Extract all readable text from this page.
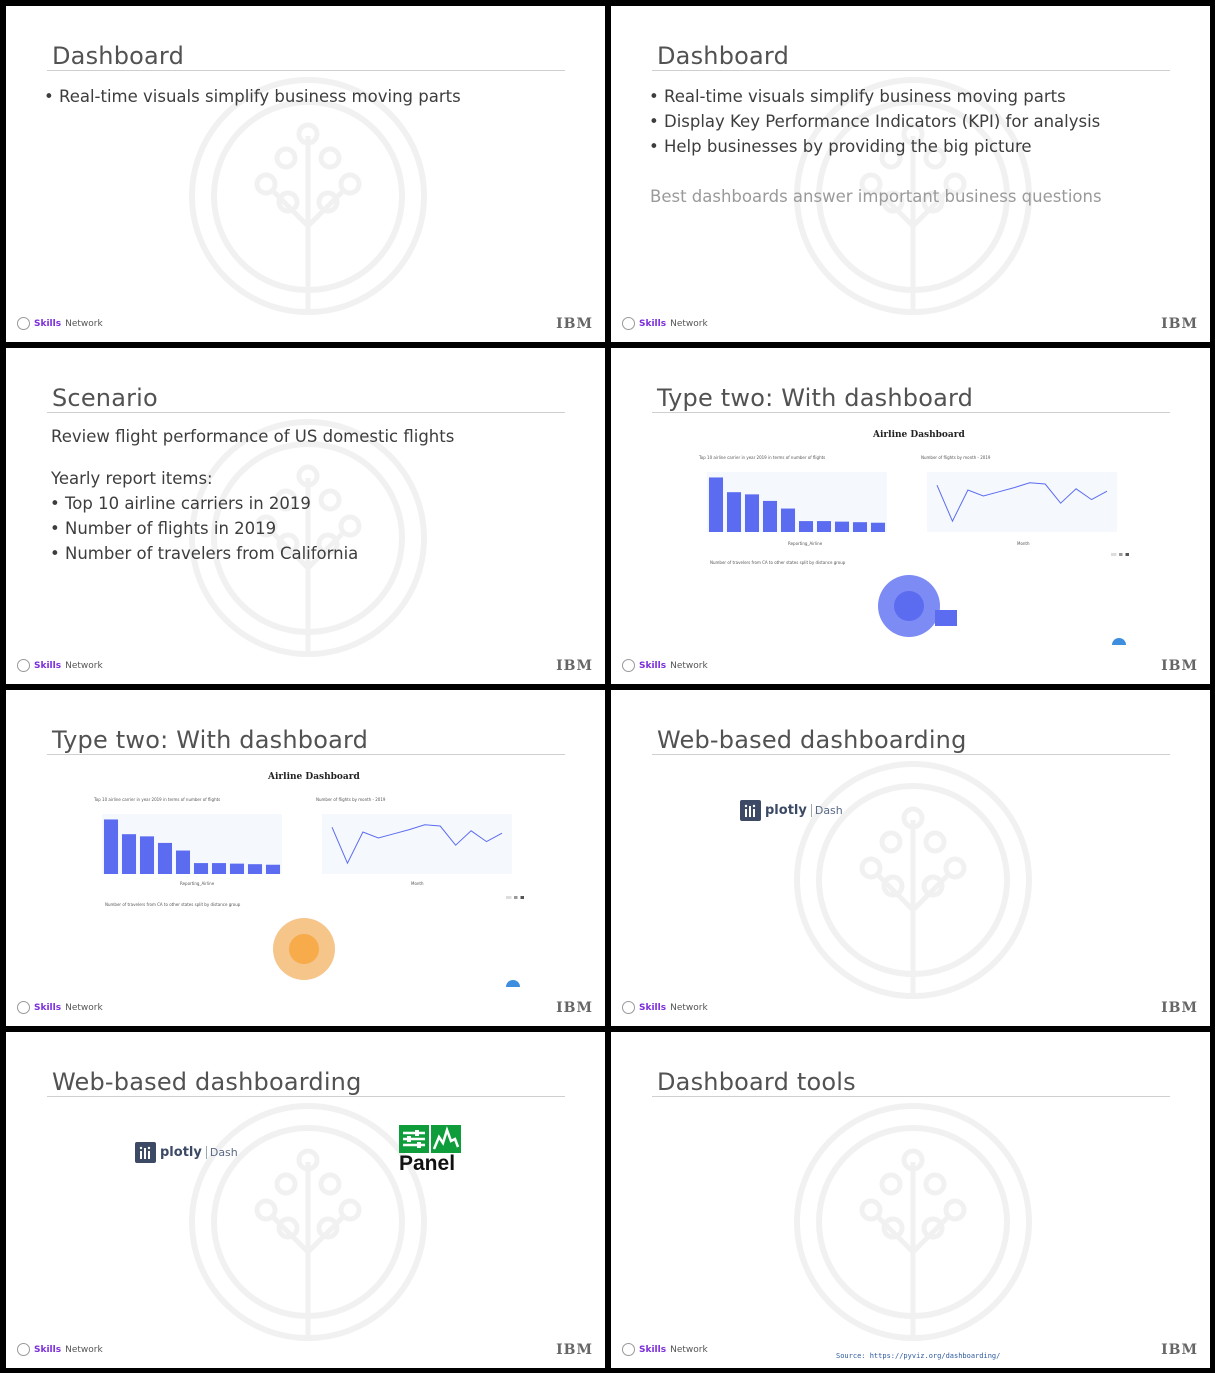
Dashboard
• Real-time visuals simplify business moving parts
Skills Network	IBM
Dashboard
• Real-time visuals simplify business moving parts
• Display Key Performance Indicators (KPI) for analysis
• Help businesses by providing the big picture
Best dashboards answer important business questions
Skills Network	IBM
Scenario
Review flight performance of US domestic flights
Yearly report items:
• Top 10 airline carriers in 2019
• Number of flights in 2019
• Number of travelers from California
Skills Network	IBM
Type two: With dashboard
Airline Dashboard
Top 10 airline carrier in year 2019 in terms of number of flights	Number of flights by month - 2019
Reporting_Airline	Month
Number of travelers from CA to other states split by distance group
Skills Network	IBM
Type two: With dashboard
Airline Dashboard
Top 10 airline carrier in year 2019 in terms of number of flights	Number of flights by month - 2019
Reporting_Airline	Month
Number of travelers from CA to other states split by distance group
Skills Network	IBM
Web-based dashboarding
plotly Dash
Skills Network	IBM
Web-based dashboarding
plotly Dash	Panel
Skills Network	IBM
Dashboard tools
Source: https://pyviz.org/dashboarding/
Skills Network	IBM
